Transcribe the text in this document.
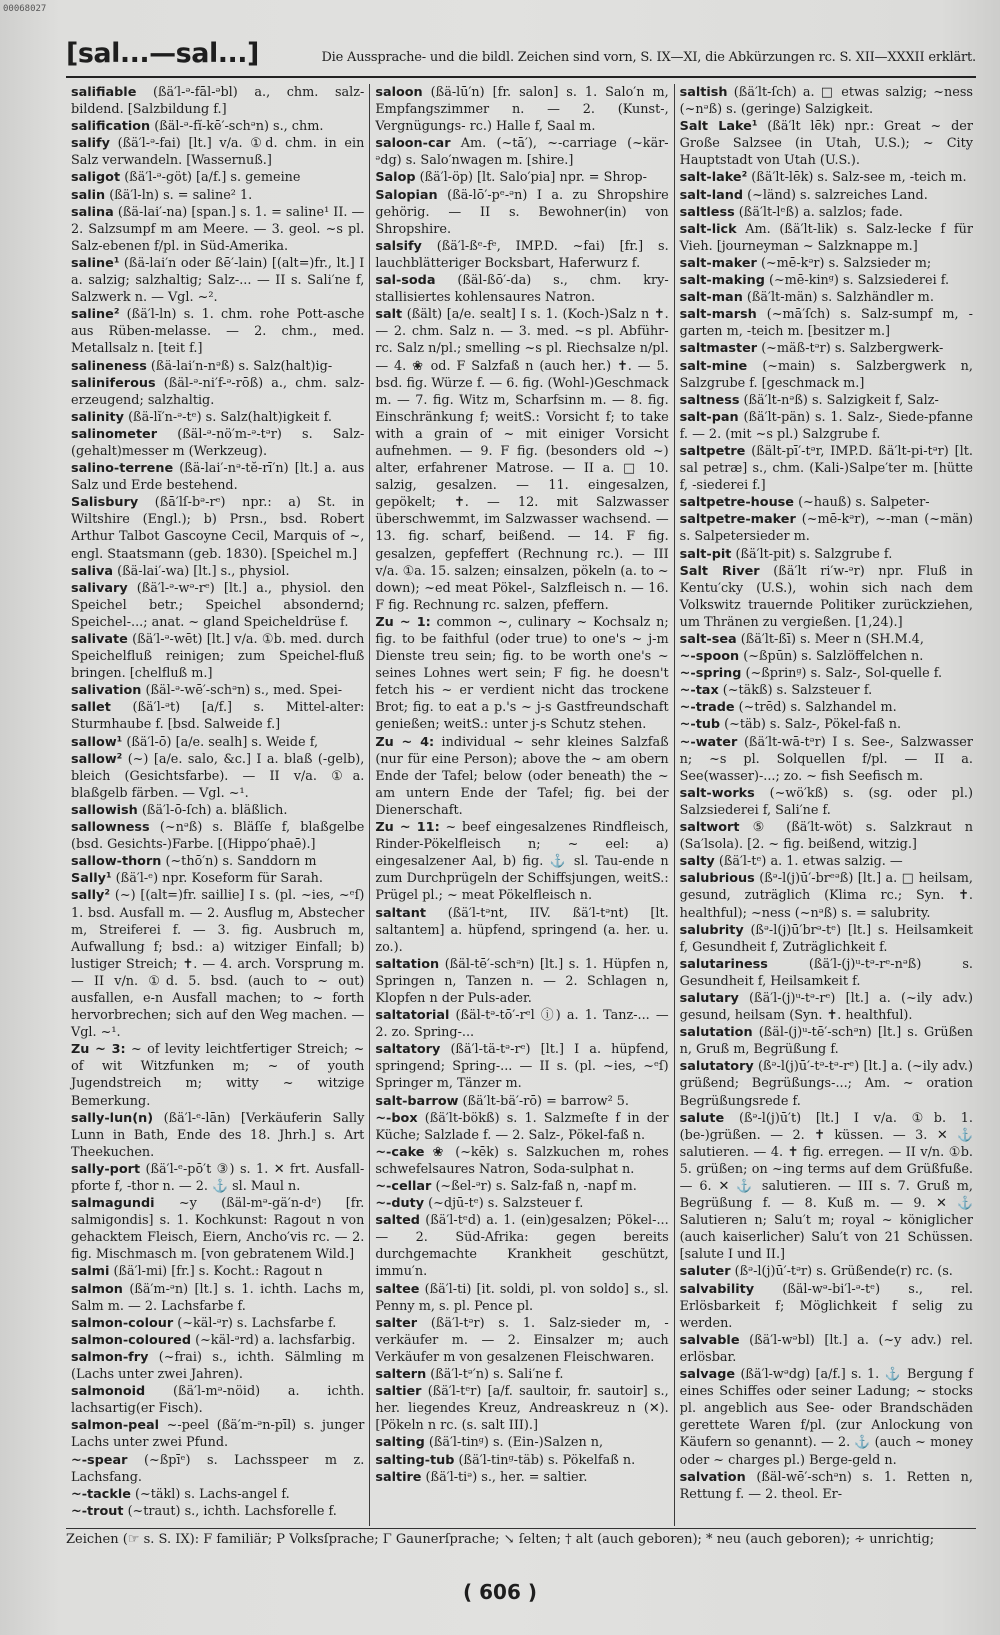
00068027
[sal...—sal...]	Die Aussprache- und die bildl. Zeichen sind vorn, S. IX—XI, die Abkürzungen rc. S. XII—XXXII erklärt.

salifiable (ßä′l-ᵊ-fāl-ᵊbl) a., chm. salz-bildend. [Salzbildung f.]

salification (ßäl-ᵊ-fĭ-kē′-schᵊn) s., chm.

salify (ßä′l-ᵊ-fai) [lt.] v/a. ①d. chm. in ein Salz verwandeln. [Wassernuß.]

saligot (ßä′l-ᵊ-göt) [a/f.] s. gemeine

salin (ßä′l-ln) s. = saline² 1.

salina (ßä-lai′-na) [span.] s. 1. = saline¹ II. — 2. Salzsumpf m am Meere. — 3. geol. ~s pl. Salz-ebenen f/pl. in Süd-Amerika.

saline¹ (ßä-lai′n oder ßē′-lain) [(alt=)fr., lt.] I a. salzig; salzhaltig; Salz-... — II s. Sali′ne f, Salzwerk n. — Vgl. ~².

saline² (ßä′l-ln) s. 1. chm. rohe Pott-asche aus Rüben-melasse. — 2. chm., med. Metallsalz n. [teit f.]

salineness (ßä-lai′n-nᵊß) s. Salz(halt)ig-

saliniferous (ßäl-ᵊ-ni′f-ᵊ-rōß) a., chm. salz-erzeugend; salzhaltig.

salinity (ßä-lĭ′n-ᵊ-tᵉ) s. Salz(halt)igkeit f.

salinometer (ßäl-ᵊ-nö′m-ᵊ-tᵊr) s. Salz-(gehalt)messer m (Werkzeug).

salino-terrene (ßä-lai′-nᵊ-tĕ-rī′n) [lt.] a. aus Salz und Erde bestehend.

Salisbury (ßā′lſ-bᵊ-rᵉ) npr.: a) St. in Wiltshire (Engl.); b) Prsn., bsd. Robert Arthur Talbot Gascoyne Cecil, Marquis of ~, engl. Staatsmann (geb. 1830). [Speichel m.]

saliva (ßä-lai′-wa) [lt.] s., physiol.

salivary (ßä′l-ᵊ-wᵊ-rᵉ) [lt.] a., physiol. den Speichel betr.; Speichel absondernd; Speichel-...; anat. ~ gland Speicheldrüse f.

salivate (ßä′l-ᵊ-wēt) [lt.] v/a. ①b. med. durch Speichelfluß reinigen; zum Speichel-fluß bringen. [chelfluß m.]

salivation (ßäl-ᵊ-wē′-schᵊn) s., med. Spei-

sallet (ßä′l-ᵊt) [a/f.] s. Mittel-alter: Sturmhaube f. [bsd. Salweide f.]

sallow¹ (ßä′l-ō) [a/e. sealh] s. Weide f,

sallow² (~) [a/e. salo, &c.] I a. blaß (-gelb), bleich (Gesichtsfarbe). — II v/a. ①a. blaßgelb färben. — Vgl. ~¹.

sallowish (ßä′l-ō-ſch) a. bläßlich.

sallowness (~nᵊß) s. Bläſſe f, blaßgelbe (bsd. Gesichts-)Farbe. [(Hippo′phaē).]

sallow-thorn (~thō′n) s. Sanddorn m

Sally¹ (ßä′l-ᵉ) npr. Koseform für Sarah.

sally² (~) [(alt=)fr. saillie] I s. (pl. ~ies, ~ᵉſ) 1. bsd. Ausfall m. — 2. Ausflug m, Abstecher m, Streiferei f. — 3. fig. Ausbruch m, Aufwallung f; bsd.: a) witziger Einfall; b) lustiger Streich; ✝. — 4. arch. Vorsprung m. — II v/n. ①d. 5. bsd. (auch to ~ out) ausfallen, e-n Ausfall machen; to ~ forth hervorbrechen; sich auf den Weg machen. — Vgl. ~¹.

Zu ~ 3: ~ of levity leichtfertiger Streich; ~ of wit Witzfunken m; ~ of youth Jugendstreich m; witty ~ witzige Bemerkung.

sally-lun(n) (ßä′l-ᵉ-lān) [Verkäuferin Sally Lunn in Bath, Ende des 18. Jhrh.] s. Art Theekuchen.

sally-port (ßä′l-ᵉ-pō′t ③) s. 1. ✕ frt. Ausfall-pforte f, -thor n. — 2. ⚓ sl. Maul n.

salmagundi ~y (ßäl-mᵊ-gä′n-dᵉ) [fr. salmigondis] s. 1. Kochkunst: Ragout n von gehacktem Fleisch, Eiern, Ancho′vis rc. — 2. fig. Mischmasch m. [von gebratenem Wild.]

salmi (ßä′l-mi) [fr.] s. Kocht.: Ragout n

salmon (ßä′m-ᵊn) [lt.] s. 1. ichth. Lachs m, Salm m. — 2. Lachsfarbe f.

salmon-colour (~käl-ᵊr) s. Lachsfarbe f.

salmon-coloured (~käl-ᵊrd) a. lachsfarbig.

salmon-fry (~frai) s., ichth. Sälmling m (Lachs unter zwei Jahren).

salmonoid (ßä′l-mᵊ-nöid) a. ichth. lachsartig(er Fisch).

salmon-peal ~-peel (ßä′m-ᵊn-pīl) s. junger Lachs unter zwei Pfund.

~-spear (~ßpīᵉ) s. Lachsspeer m z. Lachsfang.

~-tackle (~täkl) s. Lachs-angel f.

~-trout (~traut) s., ichth. Lachsforelle f.

saloon (ßä-lū′n) [fr. salon] s. 1. Salo′n m, Empfangszimmer n. — 2. (Kunst-, Vergnügungs- rc.) Halle f, Saal m.

saloon-car Am. (~tā′), ~-carriage (~kär-ᵊdg) s. Salo′nwagen m. [shire.]

Salop (ßä′l-öp) [lt. Salo′pia] npr. = Shrop-

Salopian (ßä-lō′-pᵉ-ᵊn) I a. zu Shropshire gehörig. — II s. Bewohner(in) von Shropshire.

salsify (ßä′l-ßᵉ-fᵉ, IMP.D. ~fai) [fr.] s. lauchblätteriger Bocksbart, Haferwurz f.

sal-soda (ßäl-ßō′-da) s., chm. kry-stallisiertes kohlensaures Natron.

salt (ßält) [a/e. sealt] I s. 1. (Koch-)Salz n ✝. — 2. chm. Salz n. — 3. med. ~s pl. Abführ- rc. Salz n/pl.; smelling ~s pl. Riechsalze n/pl. — 4. ❀ od. F Salzfaß n (auch her.) ✝. — 5. bsd. fig. Würze f. — 6. fig. (Wohl-)Geschmack m. — 7. fig. Witz m, Scharfsinn m. — 8. fig. Einschränkung f; weitS.: Vorsicht f; to take with a grain of ~ mit einiger Vorsicht aufnehmen. — 9. F fig. (besonders old ~) alter, erfahrener Matrose. — II a. □ 10. salzig, gesalzen. — 11. eingesalzen, gepökelt; ✝. — 12. mit Salzwasser überschwemmt, im Salzwasser wachsend. — 13. fig. scharf, beißend. — 14. F fig. gesalzen, gepfeffert (Rechnung rc.). — III v/a. ①a. 15. salzen; einsalzen, pökeln (a. to ~ down); ~ed meat Pökel-, Salzfleisch n. — 16. F fig. Rechnung rc. salzen, pfeffern.

Zu ~ 1: common ~, culinary ~ Kochsalz n; fig. to be faithful (oder true) to one's ~ j-m Dienste treu sein; fig. to be worth one's ~ seines Lohnes wert sein; F fig. he doesn't fetch his ~ er verdient nicht das trockene Brot; fig. to eat a p.'s ~ j-s Gastfreundschaft genießen; weitS.: unter j-s Schutz stehen.

Zu ~ 4: individual ~ sehr kleines Salzfaß (nur für eine Person); above the ~ am obern Ende der Tafel; below (oder beneath) the ~ am untern Ende der Tafel; fig. bei der Dienerschaft.

Zu ~ 11: ~ beef eingesalzenes Rindfleisch, Rinder-Pökelfleisch n; ~ eel: a) eingesalzener Aal, b) fig. ⚓ sl. Tau-ende n zum Durchprügeln der Schiffsjungen, weitS.: Prügel pl.; ~ meat Pökelfleisch n.

saltant (ßä′l-tᵊnt, IIV. ßä′l-tᵊnt) [lt. saltantem] a. hüpfend, springend (a. her. u. zo.).

saltation (ßäl-tē′-schᵊn) [lt.] s. 1. Hüpfen n, Springen n, Tanzen n. — 2. Schlagen n, Klopfen n der Puls-ader.

saltatorial (ßäl-tᵊ-tō′-rᵉl ⓘ) a. 1. Tanz-... — 2. zo. Spring-...

saltatory (ßä′l-tä-tᵊ-rᵉ) [lt.] I a. hüpfend, springend; Spring-... — II s. (pl. ~ies, ~ᵉſ) Springer m, Tänzer m.

salt-barrow (ßä′lt-bä′-rō) = barrow² 5.

~-box (ßä′lt-bökß) s. 1. Salzmeſte f in der Küche; Salzlade f. — 2. Salz-, Pökel-faß n.

~-cake ❀ (~kēk) s. Salzkuchen m, rohes schwefelsaures Natron, Soda-sulphat n.

~-cellar (~ßel-ᵊr) s. Salz-faß n, -napf m.

~-duty (~djū-tᵉ) s. Salzsteuer f.

salted (ßä′l-tᵉd) a. 1. (ein)gesalzen; Pökel-... — 2. Süd-Afrika: gegen bereits durchgemachte Krankheit geschützt, immu′n.

saltee (ßä′l-ti) [it. soldi, pl. von soldo] s., sl. Penny m, s. pl. Pence pl.

salter (ßä′l-tᵊr) s. 1. Salz-sieder m, -verkäufer m. — 2. Einsalzer m; auch Verkäufer m von gesalzenen Fleischwaren.

saltern (ßä′l-tᵊ′n) s. Sali′ne f.

saltier (ßä′l-tᵉr) [a/f. saultoir, fr. sautoir] s., her. liegendes Kreuz, Andreaskreuz n (✕). [Pökeln n rc. (s. salt III).]

salting (ßä′l-tinᵍ) s. (Ein-)Salzen n,

salting-tub (ßä′l-tinᵍ-täb) s. Pökelfaß n.

saltire (ßä′l-tiᵊ) s., her. = saltier.

saltish (ßä′lt-ſch) a. □ etwas salzig; ~ness (~nᵊß) s. (geringe) Salzigkeit.

Salt Lake¹ (ßä′lt lēk) npr.: Great ~ der Große Salzsee (in Utah, U.S.); ~ City Hauptstadt von Utah (U.S.).

salt-lake² (ßä′lt-lēk) s. Salz-see m, -teich m.

salt-land (~länd) s. salzreiches Land.

saltless (ßä′lt-lᵉß) a. salzlos; fade.

salt-lick Am. (ßä′lt-lik) s. Salz-lecke f für Vieh. [journeyman ~ Salzknappe m.]

salt-maker (~mē-kᵊr) s. Salzsieder m;

salt-making (~mē-kinᵍ) s. Salzsiederei f.

salt-man (ßä′lt-män) s. Salzhändler m.

salt-marsh (~mā′ſch) s. Salz-sumpf m, -garten m, -teich m. [besitzer m.]

saltmaster (~mäß-tᵊr) s. Salzbergwerk-

salt-mine (~main) s. Salzbergwerk n, Salzgrube f. [geschmack m.]

saltness (ßä′lt-nᵊß) s. Salzigkeit f, Salz-

salt-pan (ßä′lt-pän) s. 1. Salz-, Siede-pfanne f. — 2. (mit ~s pl.) Salzgrube f.

saltpetre (ßält-pī′-tᵊr, IMP.D. ßä′lt-pi-tᵊr) [lt. sal petræ] s., chm. (Kali-)Salpe′ter m. [hütte f, -siederei f.]

saltpetre-house (~hauß) s. Salpeter-

saltpetre-maker (~mē-kᵊr), ~-man (~män) s. Salpetersieder m.

salt-pit (ßä′lt-pit) s. Salzgrube f.

Salt River (ßä′lt ri′w-ᵊr) npr. Fluß in Kentu′cky (U.S.), wohin sich nach dem Volkswitz trauernde Politiker zurückziehen, um Thränen zu vergießen. [1,24).]

salt-sea (ßä′lt-ßī) s. Meer n (SH.M.4,

~-spoon (~ßpūn) s. Salzlöffelchen n.

~-spring (~ßprinᵍ) s. Salz-, Sol-quelle f.

~-tax (~täkß) s. Salzsteuer f.

~-trade (~trēd) s. Salzhandel m.

~-tub (~täb) s. Salz-, Pökel-faß n.

~-water (ßä′lt-wā-tᵊr) I s. See-, Salzwasser n; ~s pl. Solquellen f/pl. — II a. See(wasser)-...; zo. ~ fish Seefisch m.

salt-works (~wö′kß) s. (sg. oder pl.) Salzsiederei f, Sali′ne f.

saltwort ⑤ (ßä′lt-wöt) s. Salzkraut n (Sa′lsola). [2. ~ fig. beißend, witzig.]

salty (ßä′l-tᵉ) a. 1. etwas salzig. —

salubrious (ßᵊ-l(j)ū′-brᵉᵊß) [lt.] a. □ heilsam, gesund, zuträglich (Klima rc.; Syn. ✝. healthful); ~ness (~nᵊß) s. = salubrity.

salubrity (ßᵊ-l(j)ū′brᵊ-tᵉ) [lt.] s. Heilsamkeit f, Gesundheit f, Zuträglichkeit f.

salutariness	(ßä′l-(j)ᵘ-tᵊ-rᵉ-nᵊß) s. Gesundheit f, Heilsamkeit f.

salutary (ßä′l-(j)ᵘ-tᵊ-rᵉ) [lt.] a. (~ily adv.) gesund, heilsam (Syn. ✝. healthful).

salutation (ßäl-(j)ᵘ-tē′-schᵊn) [lt.] s. Grüßen n, Gruß m, Begrüßung f.

salutatory (ßᵊ-l(j)ū′-tᵊ-tᵊ-rᵉ) [lt.] a. (~ily adv.) grüßend; Begrüßungs-...; Am. ~ oration Begrüßungsrede f.

salute (ßᵊ-l(j)ū′t) [lt.] I v/a. ①b. 1. (be-)grüßen. — 2. ✝ küssen. — 3. ✕ ⚓ salutieren. — 4. ✝ fig. erregen. — II v/n. ①b. 5. grüßen; on ~ing terms auf dem Grüßfuße. — 6. ✕ ⚓ salutieren. — III s. 7. Gruß m, Begrüßung f. — 8. Kuß m. — 9. ✕ ⚓ Salutieren n; Salu′t m; royal ~ königlicher (auch kaiserlicher) Salu′t von 21 Schüssen. [salute I und II.]

saluter (ßᵊ-l(j)ū′-tᵊr) s. Grüßende(r) rc. (s.

salvability (ßäl-wᵊ-bi′l-ᵊ-tᵉ) s., rel. Erlösbarkeit f; Möglichkeit f selig zu werden.

salvable (ßä′l-wᵊbl) [lt.] a. (~y adv.) rel. erlösbar.

salvage (ßä′l-wᵊdg) [a/f.] s. 1. ⚓ Bergung f eines Schiffes oder seiner Ladung; ~ stocks pl. angeblich aus See- oder Brandschäden gerettete Waren f/pl. (zur Anlockung von Käufern so genannt). — 2. ⚓ (auch ~ money oder ~ charges pl.) Berge-geld n.

salvation (ßäl-wē′-schᵊn) s. 1. Retten n, Rettung f. — 2. theol. Er-

Zeichen (☞ s. S. IX): F familiär; P Volksſprache; Γ Gaunerſprache; ↘ ſelten; † alt (auch geboren); * neu (auch geboren); ∻ unrichtig;
( 606 )
